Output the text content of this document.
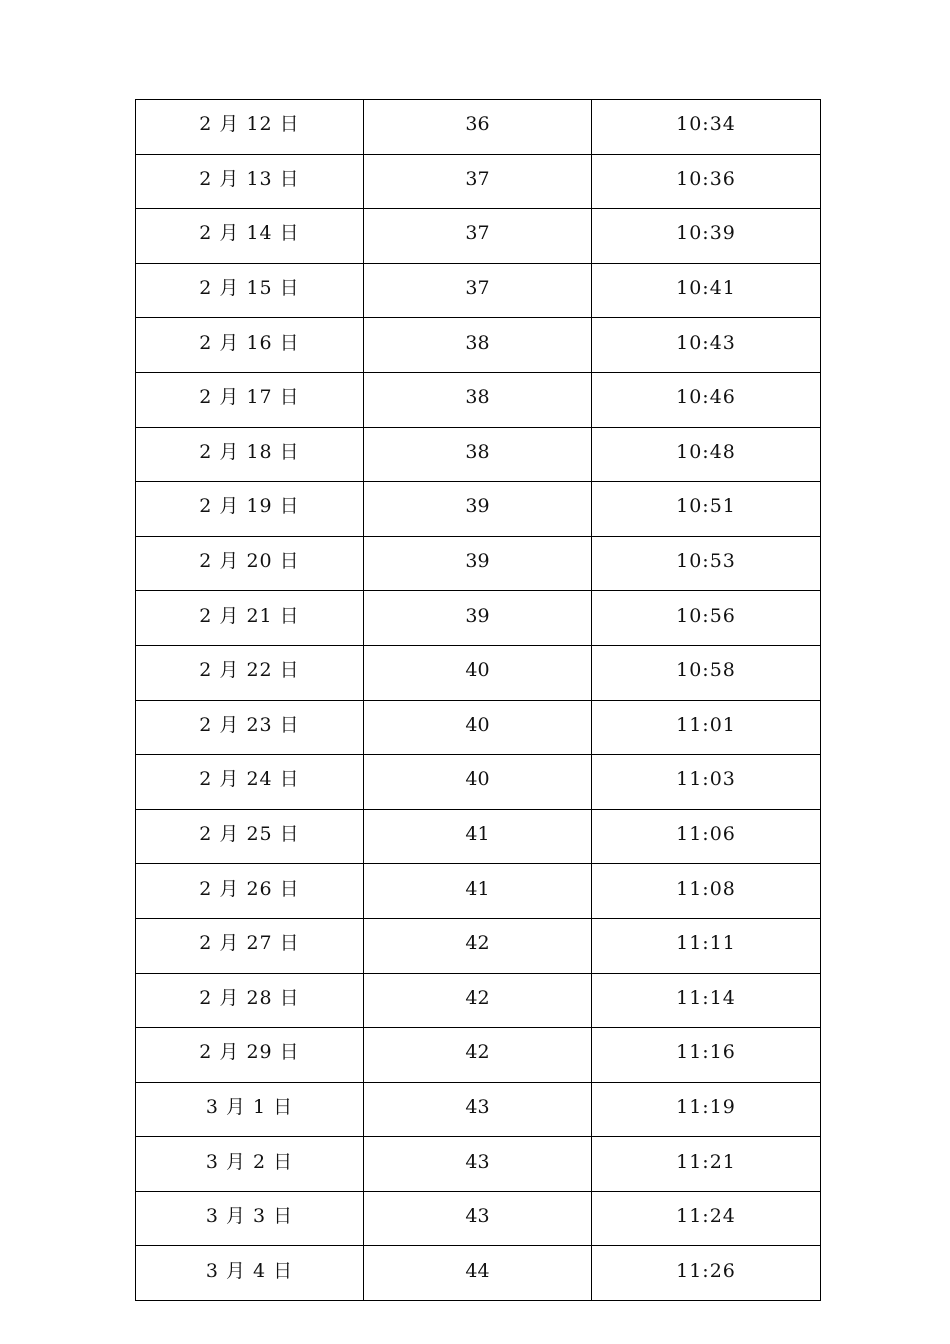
2 月 12 日	36	10:34
2 月 13 日	37	10:36
2 月 14 日	37	10:39
2 月 15 日	37	10:41
2 月 16 日	38	10:43
2 月 17 日	38	10:46
2 月 18 日	38	10:48
2 月 19 日	39	10:51
2 月 20 日	39	10:53
2 月 21 日	39	10:56
2 月 22 日	40	10:58
2 月 23 日	40	11:01
2 月 24 日	40	11:03
2 月 25 日	41	11:06
2 月 26 日	41	11:08
2 月 27 日	42	11:11
2 月 28 日	42	11:14
2 月 29 日	42	11:16
3 月 1 日	43	11:19
3 月 2 日	43	11:21
3 月 3 日	43	11:24
3 月 4 日	44	11:26
